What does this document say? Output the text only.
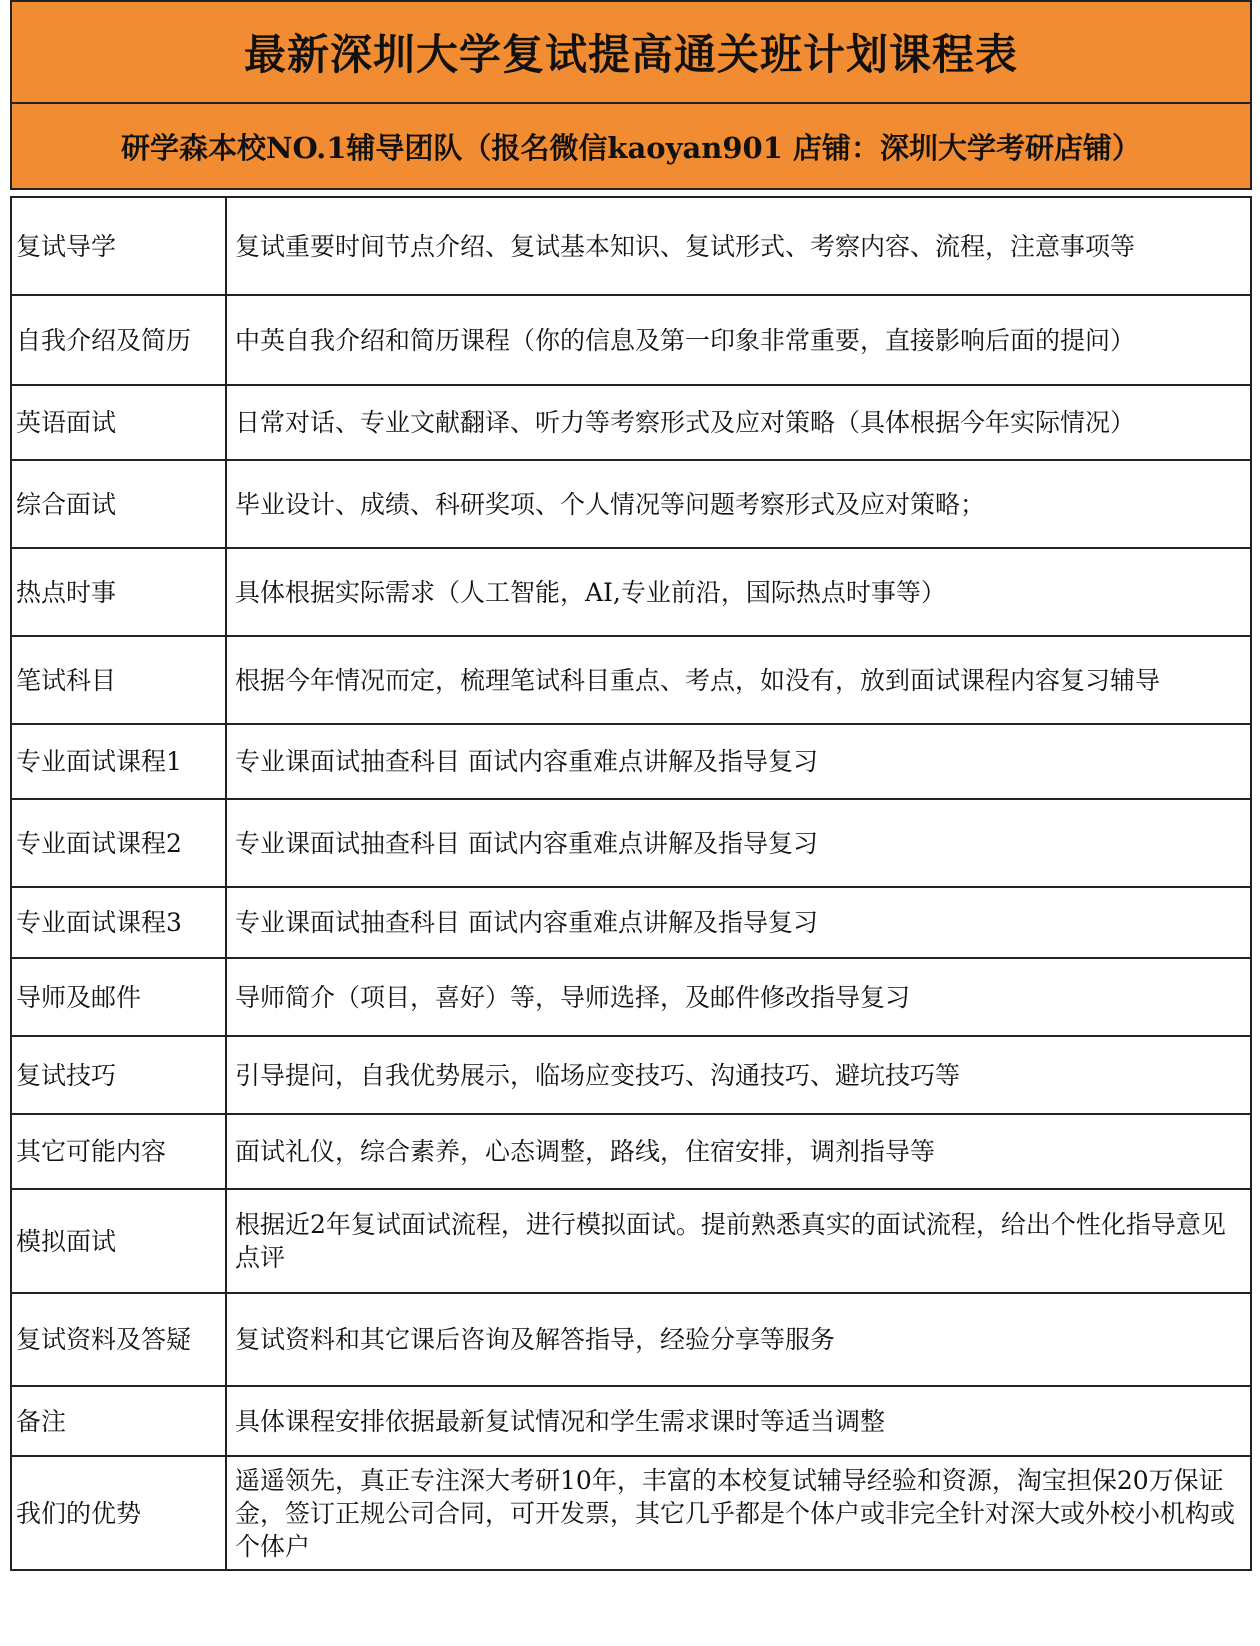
最新深圳大学复试提高通关班计划课程表
研学森本校NO.1辅导团队（报名微信kaoyan901 店铺：深圳大学考研店铺）
复试导学	复试重要时间节点介绍、复试基本知识、复试形式、考察内容、流程，注意事项等
自我介绍及简历	中英自我介绍和简历课程（你的信息及第一印象非常重要，直接影响后面的提问）
英语面试	日常对话、专业文献翻译、听力等考察形式及应对策略（具体根据今年实际情况）
综合面试	毕业设计、成绩、科研奖项、个人情况等问题考察形式及应对策略；
热点时事	具体根据实际需求（人工智能，AI,专业前沿，国际热点时事等）
笔试科目	根据今年情况而定，梳理笔试科目重点、考点，如没有，放到面试课程内容复习辅导
专业面试课程1	专业课面试抽查科目 面试内容重难点讲解及指导复习
专业面试课程2	专业课面试抽查科目 面试内容重难点讲解及指导复习
专业面试课程3	专业课面试抽查科目 面试内容重难点讲解及指导复习
导师及邮件	导师简介（项目，喜好）等，导师选择，及邮件修改指导复习
复试技巧	引导提问，自我优势展示，临场应变技巧、沟通技巧、避坑技巧等
其它可能内容	面试礼仪，综合素养，心态调整，路线，住宿安排，调剂指导等
模拟面试	根据近2年复试面试流程，进行模拟面试。提前熟悉真实的面试流程，给出个性化指导意见点评
复试资料及答疑	复试资料和其它课后咨询及解答指导，经验分享等服务
备注	具体课程安排依据最新复试情况和学生需求课时等适当调整
我们的优势	遥遥领先，真正专注深大考研10年，丰富的本校复试辅导经验和资源，淘宝担保20万保证金，签订正规公司合同，可开发票，其它几乎都是个体户或非完全针对深大或外校小机构或个体户
